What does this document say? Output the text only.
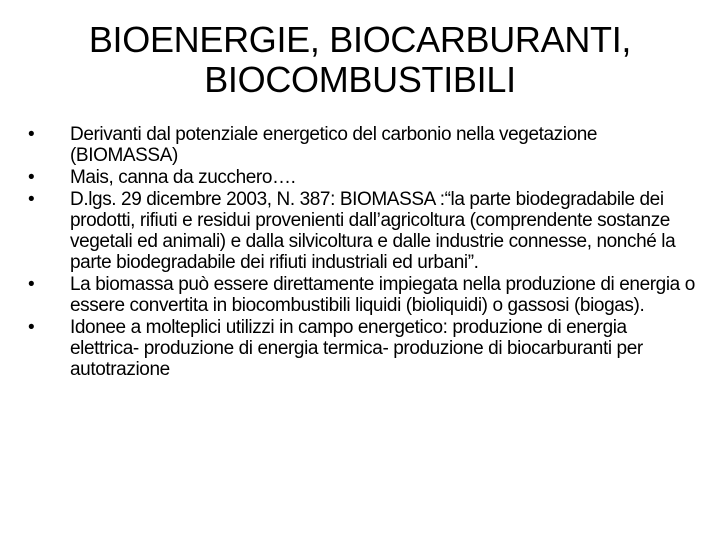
BIOENERGIE, BIOCARBURANTI,
BIOCOMBUSTIBILI
•	Derivanti dal potenziale energetico del carbonio nella vegetazione (BIOMASSA)
•	Mais, canna da zucchero….
•	D.lgs. 29 dicembre 2003, N. 387: BIOMASSA :“la parte biodegradabile dei prodotti, rifiuti e residui provenienti dall’agricoltura (comprendente sostanze vegetali ed animali) e dalla silvicoltura e dalle industrie connesse, nonché la parte biodegradabile dei rifiuti industriali ed urbani”.
•	La biomassa può essere direttamente impiegata nella produzione di energia o essere convertita in biocombustibili liquidi (bioliquidi) o gassosi (biogas).
•	Idonee a molteplici utilizzi in campo energetico: produzione di energia elettrica- produzione di energia termica- produzione di biocarburanti per autotrazione
